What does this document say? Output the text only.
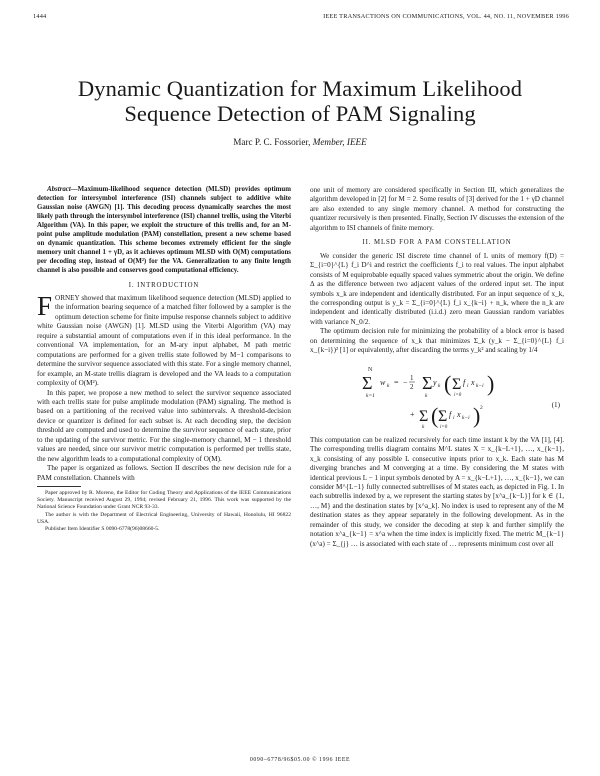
1444	IEEE TRANSACTIONS ON COMMUNICATIONS, VOL. 44, NO. 11, NOVEMBER 1996
Dynamic Quantization for Maximum Likelihood
Sequence Detection of PAM Signaling
Marc P. C. Fossorier, Member, IEEE

Abstract—Maximum-likelihood sequence detection (MLSD) provides optimum detection for intersymbol interference (ISI) channels subject to additive white Gaussian noise (AWGN) [1]. This decoding process dynamically searches the most likely path through the intersymbol interference (ISI) channel trellis, using the Viterbi Algorithm (VA). In this paper, we exploit the structure of this trellis and, for an M-point pulse amplitude modulation (PAM) constellation, present a new scheme based on dynamic quantization. This scheme becomes extremely efficient for the single memory unit channel 1 + γD, as it achieves optimum MLSD with O(M) computations per decoding step, instead of O(M²) for the VA. Generalization to any finite length channel is also possible and conserves good computational efficiency.

I. INTRODUCTION

FORNEY showed that maximum likelihood sequence detection (MLSD) applied to the information bearing sequence of a matched filter followed by a sampler is the optimum detection scheme for finite impulse response channels subject to additive white Gaussian noise (AWGN) [1]. MLSD using the Viterbi Algorithm (VA) may require a substantial amount of computations even if in this ideal performance. In the conventional VA implementation, for an M-ary input alphabet, M path metric computations are performed for a given trellis state followed by M−1 comparisons to determine the survivor sequence associated with this state. For a single memory channel, for example, an M-state trellis diagram is developed and the VA leads to a computation complexity of O(M²).

In this paper, we propose a new method to select the survivor sequence associated with each trellis state for pulse amplitude modulation (PAM) signaling. The method is based on a partitioning of the received value into subintervals. A threshold-decision device or quantizer is defined for each subset is. At each decoding step, the decision threshold are computed and used to determine the survivor sequence of each state, prior to the updating of the survivor metric. For the single-memory channel, M − 1 threshold values are needed, since our survivor metric computation is performed per trellis state, the new algorithm leads to a computational complexity of O(M).

The paper is organized as follows. Section II describes the new decision rule for a PAM constellation. Channels with

Paper approved by R. Moreno, the Editor for Coding Theory and Applications of the IEEE Communications Society. Manuscript received August 29, 1994; revised February 21, 1996. This work was supported by the National Science Foundation under Grant NCR 93-33.

The author is with the Department of Electrical Engineering, University of Hawaii, Honolulu, HI 96822 USA.

Publisher Item Identifier S 0090-6778(96)08660-5.

one unit of memory are considered specifically in Section III, which generalizes the algorithm developed in [2] for M = 2. Some results of [3] derived for the 1 + γD channel are also extended to any single memory channel. A method for constructing the quantizer recursively is then presented. Finally, Section IV discusses the extension of the algorithm to ISI channels of finite memory.

II. MLSD FOR A PAM CONSTELLATION

We consider the generic ISI discrete time channel of L units of memory f(D) = Σ_{i=0}^{L} f_i D^i and restrict the coefficients f_i to real values. The input alphabet consists of M equiprobable equally spaced values symmetric about the origin. We define Δ as the difference between two adjacent values of the ordered input set. The input symbols x_k are independent and identically distributed. For an input sequence of x_k, the corresponding output is y_k = Σ_{i=0}^{L} f_i x_{k−i} + n_k, where the n_k are independent and identically distributed (i.i.d.) zero mean Gaussian random variables with variance N_0/2.

The optimum decision rule for minimizing the probability of a block error is based on determining the sequence of x_k that minimizes Σ_k (y_k − Σ_{i=0}^{L} f_i x_{k−i})² [1] or equivalently, after discarding the terms y_k² and scaling by 1/4

N
Σ
k=1
w k = − 1
2 Σ
k
y k ( Σ
i=0
f i x k−i )
+ Σ
k ( Σ
i=0
f i x k−i ) 2	(1)

This computation can be realized recursively for each time instant k by the VA [1], [4]. The corresponding trellis diagram contains M^L states X = x_{k−L+1}, …, x_{k−1}, x_k consisting of any possible L consecutive inputs prior to x_k. Each state has M diverging branches and M converging at a time. By considering the M states with identical previous L − 1 input symbols denoted by A = x_{k−L+1}, …, x_{k−1}, we can consider M^{L−1} fully connected subtrellises of M states each, as depicted in Fig. 1. In each subtrellis indexed by a, we represent the starting states by [x^a_{k−L}] for k ∈ {1, …, M} and the destination states by [x^a_k]. No index is used to represent any of the M destination states as they appear separately in the following development. As in the remainder of this study, we consider the decoding at step k and further simplify the notation x^a_{k−1} = x^a when the time index is implicitly fixed. The metric M_{k−1}(x^a) = Σ_{j} … is associated with each state of … represents minimum cost over all

0090–6778/96$05.00 © 1996 IEEE
